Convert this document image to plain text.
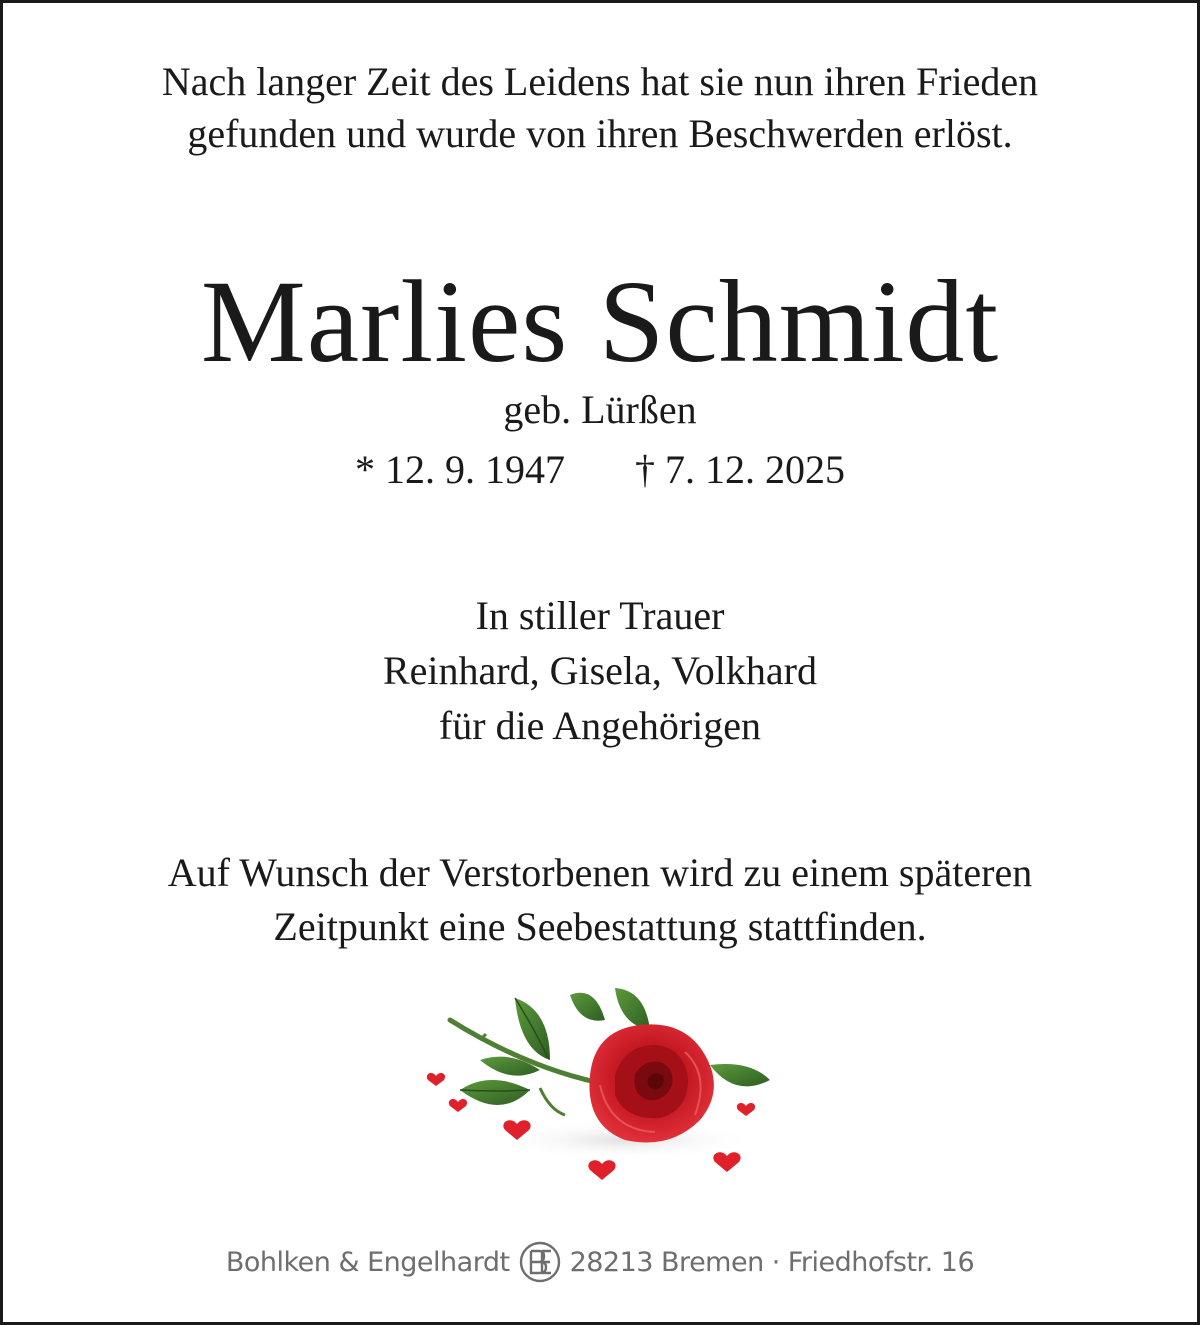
Nach langer Zeit des Leidens hat sie nun ihren Frieden
gefunden und wurde von ihren Beschwerden erlöst.
Marlies Schmidt
geb. Lürßen
* 12. 9. 1947 † 7. 12. 2025
In stiller Trauer
Reinhard, Gisela, Volkhard
für die Angehörigen
Auf Wunsch der Verstorbenen wird zu einem späteren
Zeitpunkt eine Seebestattung stattfinden.
Bohlken & Engelhardt 28213 Bremen · Friedhofstr. 16
